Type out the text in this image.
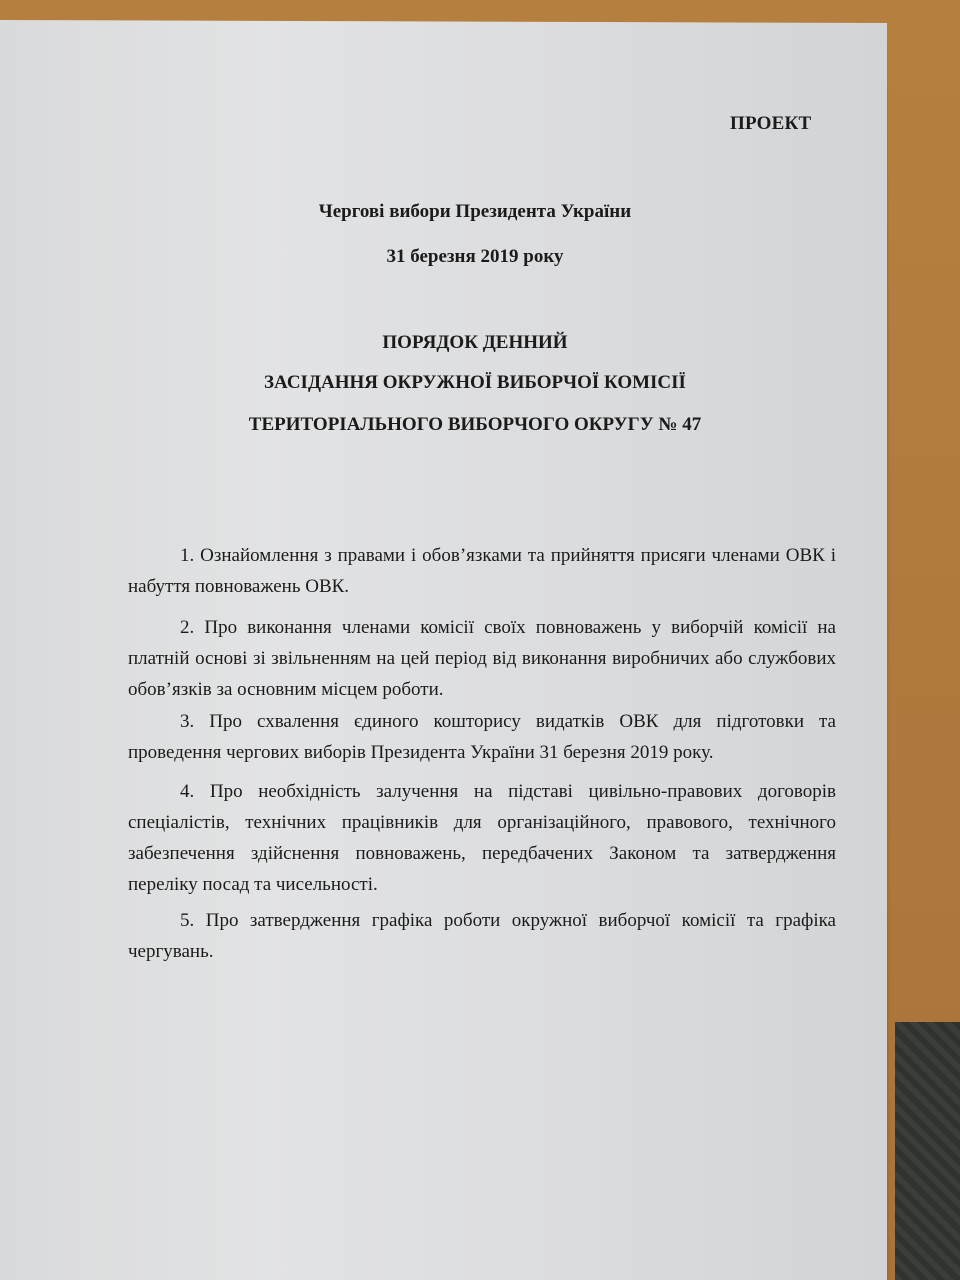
ПРОЕКТ
Чергові вибори Президента України
31 березня 2019 року
ПОРЯДОК ДЕННИЙ
ЗАСІДАННЯ ОКРУЖНОЇ ВИБОРЧОЇ КОМІСІЇ
ТЕРИТОРІАЛЬНОГО ВИБОРЧОГО ОКРУГУ № 47
1. Ознайомлення з правами і обов’язками та прийняття присяги членами ОВК і набуття повноважень ОВК.
2. Про виконання членами комісії своїх повноважень у виборчій комісії на платній основі зі звільненням на цей період від виконання виробничих або службових обов’язків за основним місцем роботи.
3. Про схвалення єдиного кошторису видатків ОВК для підготовки та проведення чергових виборів Президента України 31 березня 2019 року.
4. Про необхідність залучення на підставі цивільно-правових договорів спеціалістів, технічних працівників для організаційного, правового, технічного забезпечення здійснення повноважень, передбачених Законом та затвердження переліку посад та чисельності.
5. Про затвердження графіка роботи окружної виборчої комісії та графіка чергувань.
